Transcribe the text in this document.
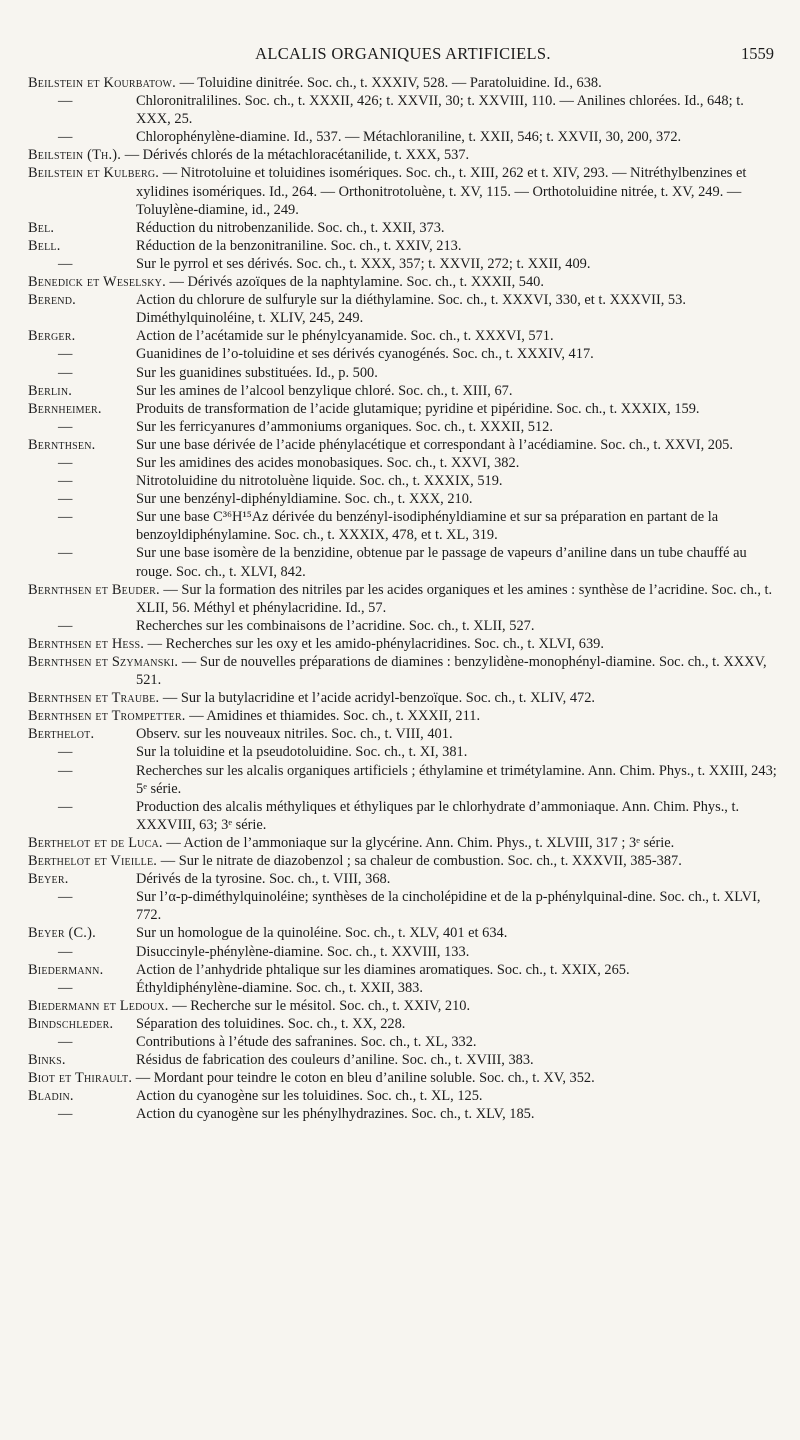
ALCALIS ORGANIQUES ARTIFICIELS.	1559
Beilstein et Kourbatow. — Toluidine dinitrée. Soc. ch., t. XXXIV, 528. — Paratoluidine. Id., 638.
—	Chloronitralilines. Soc. ch., t. XXXII, 426; t. XXVII, 30; t. XXVIII, 110. — Anilines chlorées. Id., 648; t. XXX, 25.
—	Chlorophénylène-diamine. Id., 537. — Métachloraniline, t. XXII, 546; t. XXVII, 30, 200, 372.
Beilstein (Th.). — Dérivés chlorés de la métachloracétanilide, t. XXX, 537.
Beilstein et Kulberg. — Nitrotoluine et toluidines isomériques. Soc. ch., t. XIII, 262 et t. XIV, 293. — Nitréthylbenzines et xylidines isomériques. Id., 264. — Orthonitrotoluène, t. XV, 115. — Orthotoluidine nitrée, t. XV, 249. — Toluylène-diamine, id., 249.
Bel.	Réduction du nitrobenzanilide. Soc. ch., t. XXII, 373.
Bell.	Réduction de la benzonitraniline. Soc. ch., t. XXIV, 213.
—	Sur le pyrrol et ses dérivés. Soc. ch., t. XXX, 357; t. XXVII, 272; t. XXII, 409.
Benedick et Weselsky. — Dérivés azoïques de la naphtylamine. Soc. ch., t. XXXII, 540.
Berend.	Action du chlorure de sulfuryle sur la diéthylamine. Soc. ch., t. XXXVI, 330, et t. XXXVII, 53. Diméthylquinoléine, t. XLIV, 245, 249.
Berger.	Action de l’acétamide sur le phénylcyanamide. Soc. ch., t. XXXVI, 571.
—	Guanidines de l’o-toluidine et ses dérivés cyanogénés. Soc. ch., t. XXXIV, 417.
—	Sur les guanidines substituées. Id., p. 500.
Berlin.	Sur les amines de l’alcool benzylique chloré. Soc. ch., t. XIII, 67.
Bernheimer.	Produits de transformation de l’acide glutamique; pyridine et pipéridine. Soc. ch., t. XXXIX, 159.
—	Sur les ferricyanures d’ammoniums organiques. Soc. ch., t. XXXII, 512.
Bernthsen.	Sur une base dérivée de l’acide phénylacétique et correspondant à l’acédiamine. Soc. ch., t. XXVI, 205.
—	Sur les amidines des acides monobasiques. Soc. ch., t. XXVI, 382.
—	Nitrotoluidine du nitrotoluène liquide. Soc. ch., t. XXXIX, 519.
—	Sur une benzényl-diphényldiamine. Soc. ch., t. XXX, 210.
—	Sur une base C³⁶H¹⁵Az dérivée du benzényl-isodiphényldiamine et sur sa préparation en partant de la benzoyldiphénylamine. Soc. ch., t. XXXIX, 478, et t. XL, 319.
—	Sur une base isomère de la benzidine, obtenue par le passage de vapeurs d’aniline dans un tube chauffé au rouge. Soc. ch., t. XLVI, 842.
Bernthsen et Beuder. — Sur la formation des nitriles par les acides organiques et les amines : synthèse de l’acridine. Soc. ch., t. XLII, 56. Méthyl et phénylacridine. Id., 57.
—	Recherches sur les combinaisons de l’acridine. Soc. ch., t. XLII, 527.
Bernthsen et Hess. — Recherches sur les oxy et les amido-phénylacridines. Soc. ch., t. XLVI, 639.
Bernthsen et Szymanski. — Sur de nouvelles préparations de diamines : benzylidène-monophényl-diamine. Soc. ch., t. XXXV, 521.
Bernthsen et Traube. — Sur la butylacridine et l’acide acridyl-benzoïque. Soc. ch., t. XLIV, 472.
Bernthsen et Trompetter. — Amidines et thiamides. Soc. ch., t. XXXII, 211.
Berthelot.	Observ. sur les nouveaux nitriles. Soc. ch., t. VIII, 401.
—	Sur la toluidine et la pseudotoluidine. Soc. ch., t. XI, 381.
—	Recherches sur les alcalis organiques artificiels ; éthylamine et trimétylamine. Ann. Chim. Phys., t. XXIII, 243; 5ᵉ série.
—	Production des alcalis méthyliques et éthyliques par le chlorhydrate d’ammoniaque. Ann. Chim. Phys., t. XXXVIII, 63; 3ᵉ série.
Berthelot et de Luca. — Action de l’ammoniaque sur la glycérine. Ann. Chim. Phys., t. XLVIII, 317 ; 3ᵉ série.
Berthelot et Vieille. — Sur le nitrate de diazobenzol ; sa chaleur de combustion. Soc. ch., t. XXXVII, 385-387.
Beyer.	Dérivés de la tyrosine. Soc. ch., t. VIII, 368.
—	Sur l’α-p-diméthylquinoléine; synthèses de la cincholépidine et de la p-phénylquinal-dine. Soc. ch., t. XLVI, 772.
Beyer (C.).	Sur un homologue de la quinoléine. Soc. ch., t. XLV, 401 et 634.
—	Disuccinyle-phénylène-diamine. Soc. ch., t. XXVIII, 133.
Biedermann.	Action de l’anhydride phtalique sur les diamines aromatiques. Soc. ch., t. XXIX, 265.
—	Éthyldiphénylène-diamine. Soc. ch., t. XXII, 383.
Biedermann et Ledoux. — Recherche sur le mésitol. Soc. ch., t. XXIV, 210.
Bindschleder.	Séparation des toluidines. Soc. ch., t. XX, 228.
—	Contributions à l’étude des safranines. Soc. ch., t. XL, 332.
Binks.	Résidus de fabrication des couleurs d’aniline. Soc. ch., t. XVIII, 383.
Biot et Thirault. — Mordant pour teindre le coton en bleu d’aniline soluble. Soc. ch., t. XV, 352.
Bladin.	Action du cyanogène sur les toluidines. Soc. ch., t. XL, 125.
—	Action du cyanogène sur les phénylhydrazines. Soc. ch., t. XLV, 185.
